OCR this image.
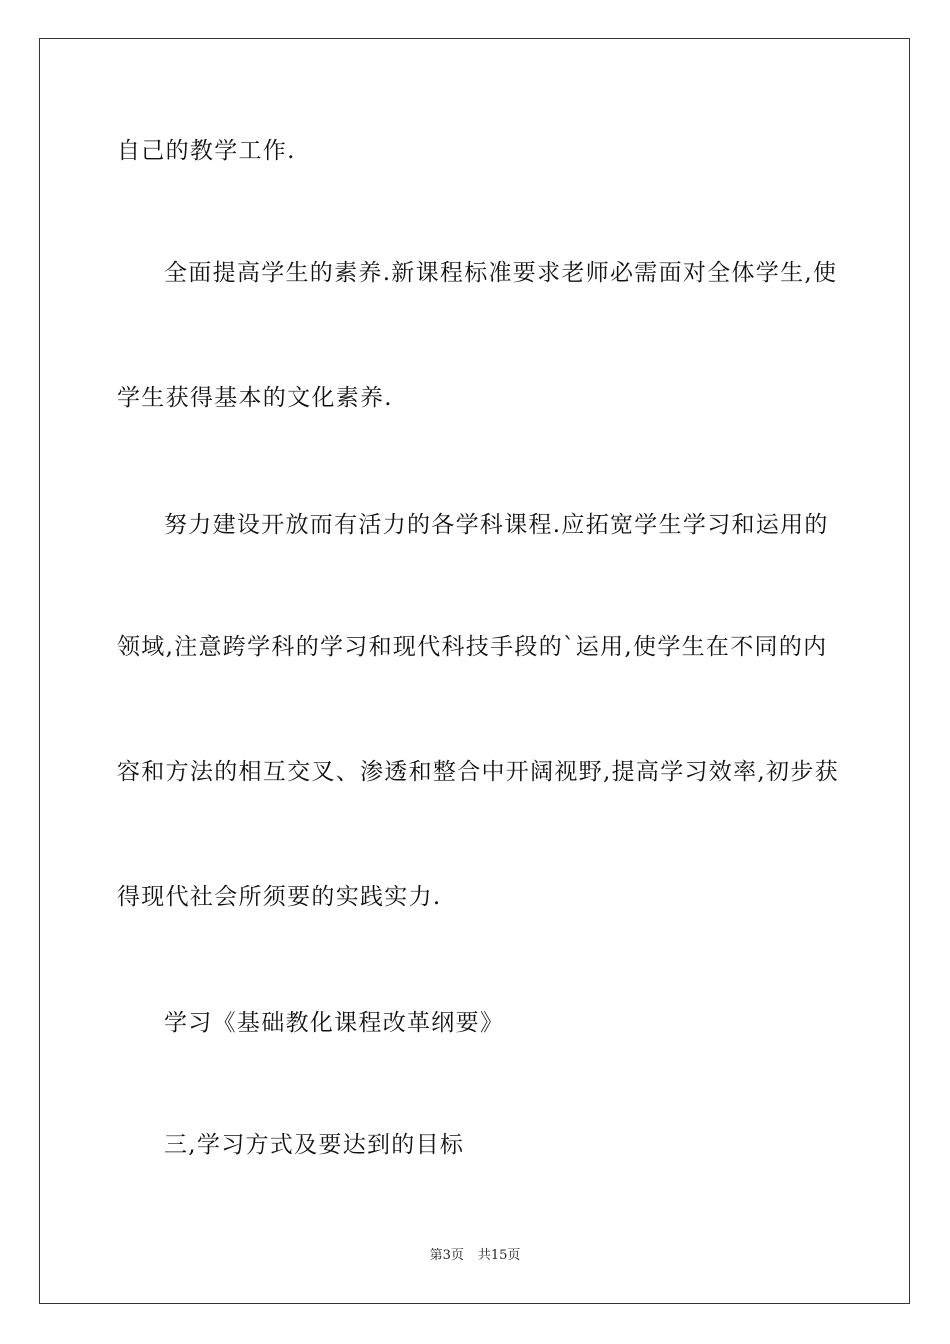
自己的教学工作.
全面提高学生的素养.新课程标准要求老师必需面对全体学生,使
学生获得基本的文化素养.
努力建设开放而有活力的各学科课程.应拓宽学生学习和运用的
领域,注意跨学科的学习和现代科技手段的`运用,使学生在不同的内
容和方法的相互交叉、渗透和整合中开阔视野,提高学习效率,初步获
得现代社会所须要的实践实力.
学习《基础教化课程改革纲要》
三,学习方式及要达到的目标
第3页 共15页
